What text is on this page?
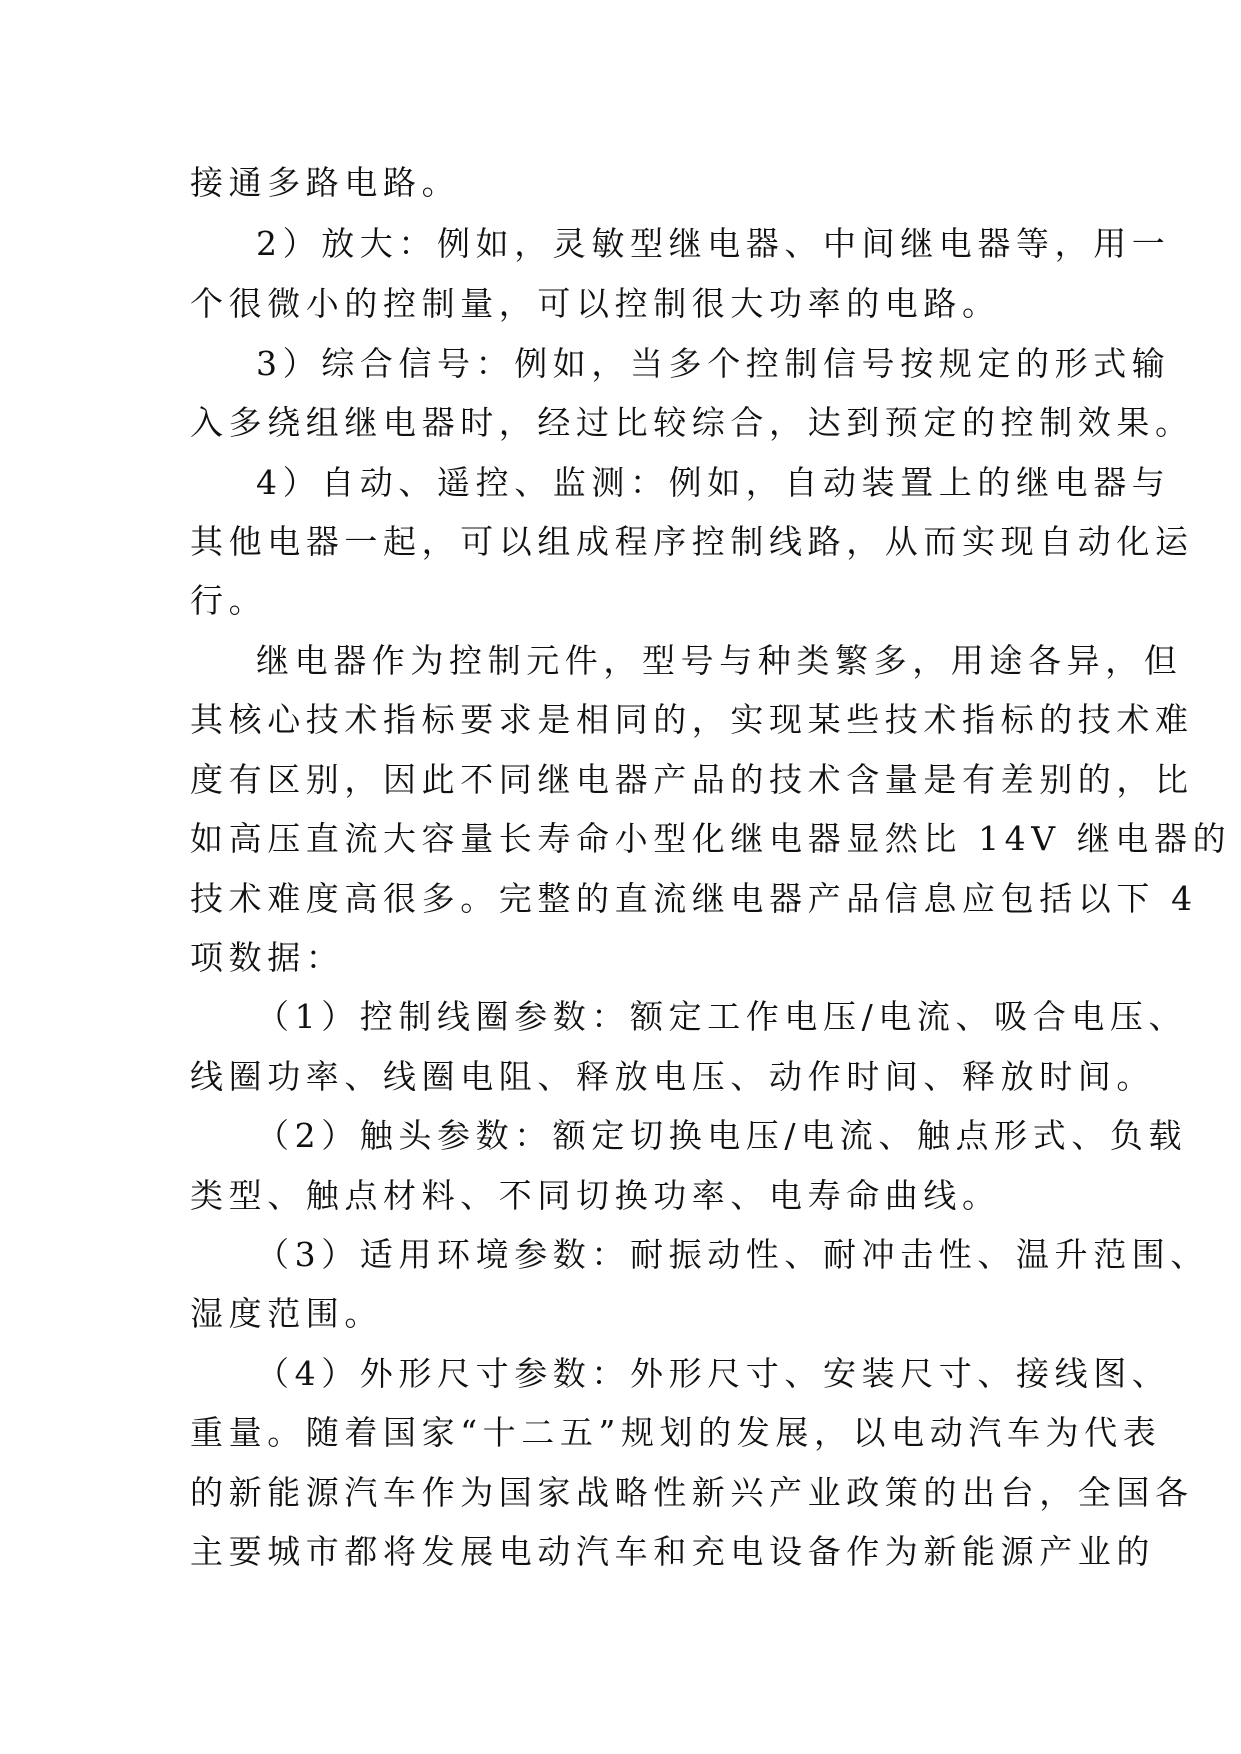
接通多路电路。
2）放大：例如，灵敏型继电器、中间继电器等，用一
个很微小的控制量，可以控制很大功率的电路。
3）综合信号：例如，当多个控制信号按规定的形式输
入多绕组继电器时，经过比较综合，达到预定的控制效果。
4）自动、遥控、监测：例如，自动装置上的继电器与
其他电器一起，可以组成程序控制线路，从而实现自动化运
行。
继电器作为控制元件，型号与种类繁多，用途各异，但
其核心技术指标要求是相同的，实现某些技术指标的技术难
度有区别，因此不同继电器产品的技术含量是有差别的，比
如高压直流大容量长寿命小型化继电器显然比 14V 继电器的
技术难度高很多。完整的直流继电器产品信息应包括以下 4
项数据：
（1）控制线圈参数：额定工作电压/电流、吸合电压、
线圈功率、线圈电阻、释放电压、动作时间、释放时间。
（2）触头参数：额定切换电压/电流、触点形式、负载
类型、触点材料、不同切换功率、电寿命曲线。
（3）适用环境参数：耐振动性、耐冲击性、温升范围、
湿度范围。
（4）外形尺寸参数：外形尺寸、安装尺寸、接线图、
重量。随着国家“十二五”规划的发展，以电动汽车为代表
的新能源汽车作为国家战略性新兴产业政策的出台，全国各
主要城市都将发展电动汽车和充电设备作为新能源产业的
